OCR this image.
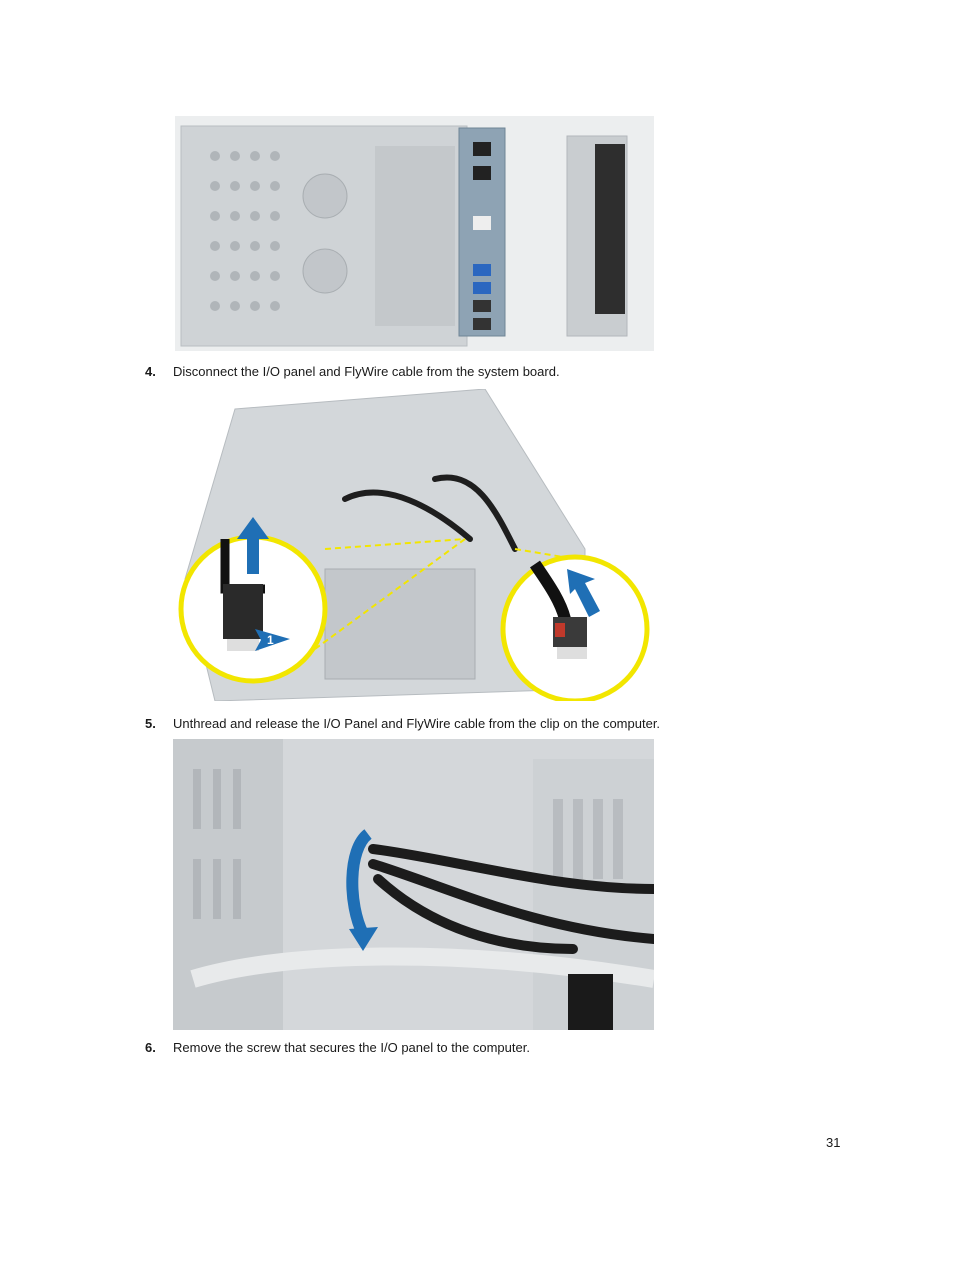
4. Disconnect the I/O panel and FlyWire cable from the system board.
2
1
5. Unthread and release the I/O Panel and FlyWire cable from the clip on the computer.
6. Remove the screw that secures the I/O panel to the computer.
31
